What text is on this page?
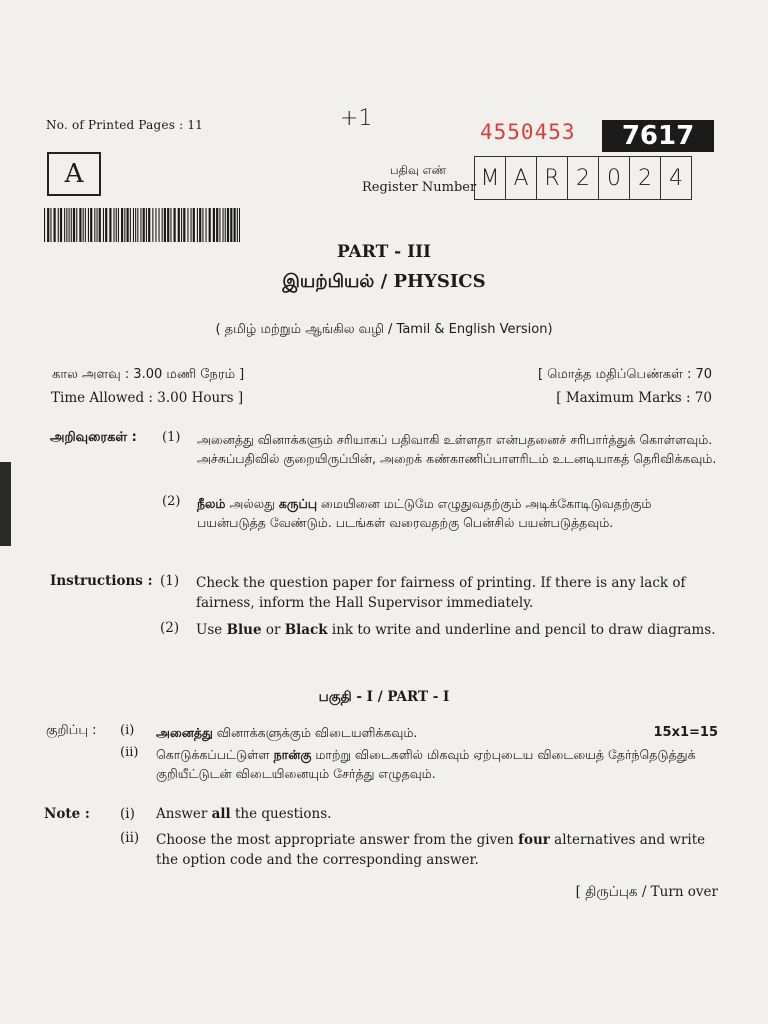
No. of Printed Pages : 11	+1
4550453	7617
A	பதிவு எண்
Register Number M A R 2 0 2 4
PART - III
இயற்பியல் / PHYSICS
( தமிழ் மற்றும் ஆங்கில வழி / Tamil & English Version)
கால அளவு : 3.00 மணி நேரம் ]
Time Allowed : 3.00 Hours ]
[ மொத்த மதிப்பெண்கள் : 70
[ Maximum Marks : 70
அறிவுரைகள் : (1) அனைத்து வினாக்களும் சரியாகப் பதிவாகி உள்ளதா என்பதனைச் சரிபார்த்துக் கொள்ளவும். அச்சுப்பதிவில் குறையிருப்பின், அறைக் கண்காணிப்பாளரிடம் உடனடியாகத் தெரிவிக்கவும்.
(2) நீலம் அல்லது கருப்பு மையினை மட்டுமே எழுதுவதற்கும் அடிக்கோடிடுவதற்கும் பயன்படுத்த வேண்டும். படங்கள் வரைவதற்கு பென்சில் பயன்படுத்தவும்.
Instructions : (1) Check the question paper for fairness of printing. If there is any lack of fairness, inform the Hall Supervisor immediately.
(2) Use Blue or Black ink to write and underline and pencil to draw diagrams.
பகுதி - I / PART - I
குறிப்பு : (i) அனைத்து வினாக்களுக்கும் விடையளிக்கவும்.	15x1=15
(ii) கொடுக்கப்பட்டுள்ள நான்கு மாற்று விடைகளில் மிகவும் ஏற்புடைய விடையைத் தேர்ந்தெடுத்துக் குறியீட்டுடன் விடையினையும் சேர்த்து எழுதவும்.
Note : (i) Answer all the questions.
(ii) Choose the most appropriate answer from the given four alternatives and write the option code and the corresponding answer.
[ திருப்புக / Turn over
